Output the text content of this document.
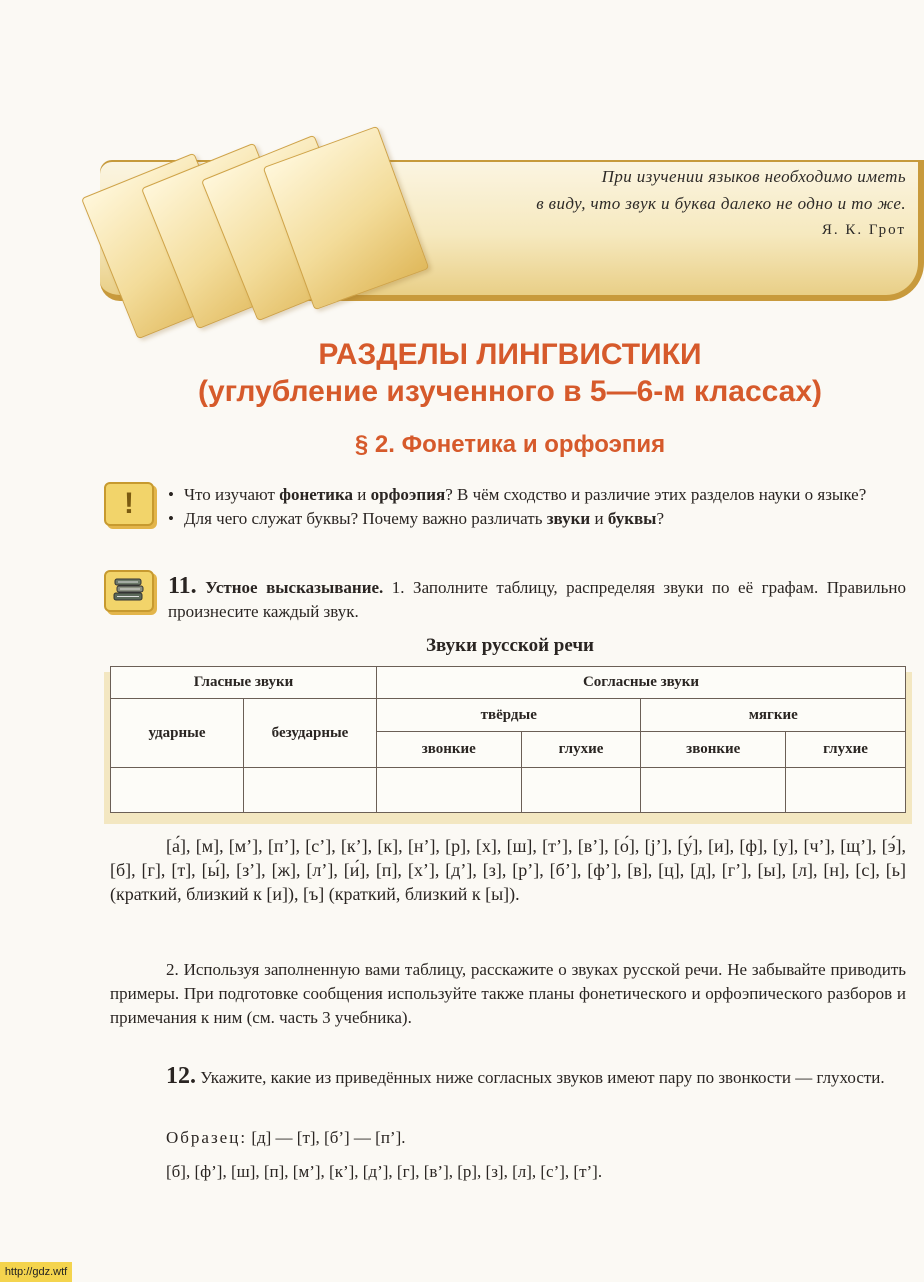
При изучении языков необходимо иметь
в виду, что звук и буква далеко не одно и то же.
Я. К. Грот
РАЗДЕЛЫ ЛИНГВИСТИКИ
(углубление изученного в 5—6-м классах)
§ 2. Фонетика и орфоэпия
!	• Что изучают фонетика и орфоэпия? В чём сходство и различие этих разделов науки о языке?
• Для чего служат буквы? Почему важно различать звуки и буквы?
11. Устное высказывание. 1. Заполните таблицу, распределяя звуки по её графам. Правильно произнесите каждый звук.
Звуки русской речи
Гласные звуки		Согласные звуки			
ударные	безударные	твёрдые		мягкие	
		звонкие	глухие	звонкие	глухие

[а́], [м], [м’], [п’], [с’], [к’], [к], [н’], [р], [х], [ш], [т’], [в’], [о́], [j’], [у́], [и], [ф], [у], [ч’], [щ’], [э́], [б], [г], [т], [ы́], [з’], [ж], [л’], [и́], [п], [х’], [д’], [з], [р’], [б’], [ф’], [в], [ц], [д], [г’], [ы], [л], [н], [с], [ь] (краткий, близкий к [и]), [ъ] (краткий, близкий к [ы]).
2. Используя заполненную вами таблицу, расскажите о звуках русской речи. Не забывайте приводить примеры. При подготовке сообщения используйте также планы фонетического и орфоэпического разборов и примечания к ним (см. часть 3 учебника).
12. Укажите, какие из приведённых ниже согласных звуков имеют пару по звонкости — глухости.
Образец: [д] — [т], [б’] — [п’].
[б], [ф’], [ш], [п], [м’], [к’], [д’], [г], [в’], [р], [з], [л], [с’], [т’].
http://gdz.wtf
